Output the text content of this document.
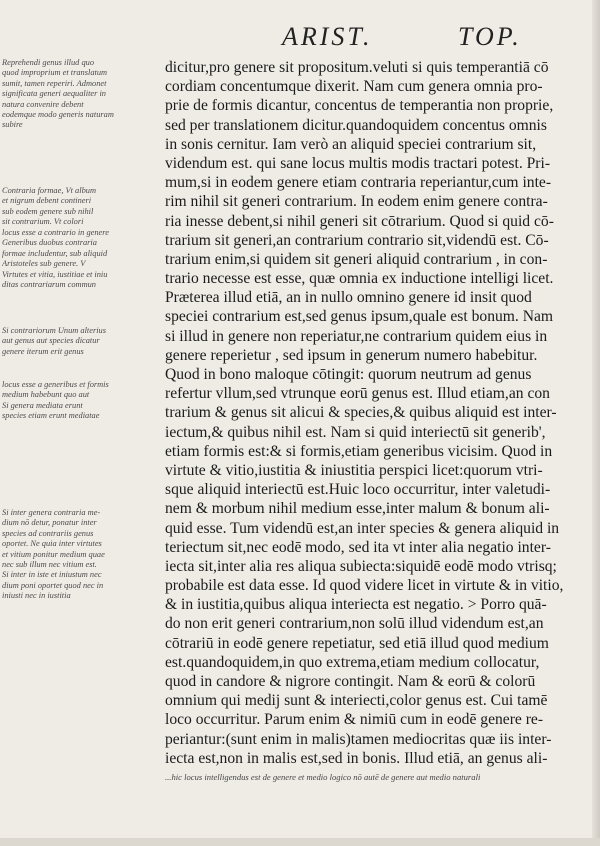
ARIST.	TOP.
Reprehendi genus illud quo
quod improprium et translatum
sumit, tamen reperiri. Admonet
significata generi aequaliter in
natura convenire debent
eodemque modo generis naturam
subire
Contraria formae, Vt album
et nigrum debent contineri
sub eodem genere sub nihil
sit contrarium. Vt colori
locus esse a contrario in genere
Generibus duobus contraria
formae includentur, sub aliquid
Aristoteles sub genere. V
Virtutes et vitia, iustitiae et iniu
ditas contrariarum commun
Si contrariorum Unum alterius
aut genus aut species dicatur
genere iterum erit genus
locus esse a generibus et formis
medium habebunt quo aut
Si genera mediata erunt
species etiam erunt mediatae
Si inter genera contraria me-
dium nō detur, ponatur inter
species ad contrariis genus
oportet. Ne quia inter virtutes
et vitium ponitur medium quae
nec sub illum nec vitium est.
Si inter in iste et iniustum nec
dium poni oportet quod nec in
iniusti nec in iustitia
dicitur,pro genere sit propositum.veluti si quis temperantiā cō
cordiam concentumque dixerit. Nam cum genera omnia pro-
prie de formis dicantur, concentus de temperantia non proprie,
sed per translationem dicitur.quandoquidem concentus omnis
in sonis cernitur. Iam verò an aliquid speciei contrarium sit,
videndum est. qui sane locus multis modis tractari potest. Pri-
mum,si in eodem genere etiam contraria reperiantur,cum inte-
rim nihil sit generi contrarium. In eodem enim genere contra-
ria inesse debent,si nihil generi sit cōtrarium. Quod si quid cō-
trarium sit generi,an contrarium contrario sit,videndū est. Cō-
trarium enim,si quidem sit generi aliquid contrarium , in con-
trario necesse est esse, quæ omnia ex inductione intelligi licet.
Præterea illud etiā, an in nullo omnino genere id insit quod
speciei contrarium est,sed genus ipsum,quale est bonum. Nam
si illud in genere non reperiatur,ne contrarium quidem eius in
genere reperietur , sed ipsum in generum numero habebitur.
Quod in bono maloque cōtingit: quorum neutrum ad genus
refertur vllum,sed vtrunque eorū genus est. Illud etiam,an con
trarium & genus sit alicui & species,& quibus aliquid est inter-
iectum,& quibus nihil est. Nam si quid interiectū sit generib',
etiam formis est:& si formis,etiam generibus vicisim. Quod in
virtute & vitio,iustitia & iniustitia perspici licet:quorum vtri-
sque aliquid interiectū est.Huic loco occurritur, inter valetudi-
nem & morbum nihil medium esse,inter malum & bonum ali-
quid esse. Tum videndū est,an inter species & genera aliquid in
teriectum sit,nec eodē modo, sed ita vt inter alia negatio inter-
iecta sit,inter alia res aliqua subiecta:siquidē eodē modo vtrisq;
probabile est data esse. Id quod videre licet in virtute & in vitio,
& in iustitia,quibus aliqua interiecta est negatio. > Porro quā-
do non erit generi contrarium,non solū illud videndum est,an
cōtrariū in eodē genere repetiatur, sed etiā illud quod medium
est.quandoquidem,in quo extrema,etiam medium collocatur,
quod in candore & nigrore contingit. Nam & eorū & colorū
omnium qui medij sunt & interiecti,color genus est. Cui tamē
loco occurritur. Parum enim & nimiū cum in eodē genere re-
periantur:(sunt enim in malis)tamen mediocritas quæ iis inter-
iecta est,non in malis est,sed in bonis. Illud etiā, an genus ali-
...hic locus intelligendus est de genere et medio logico nō autē de genere aut medio naturali
